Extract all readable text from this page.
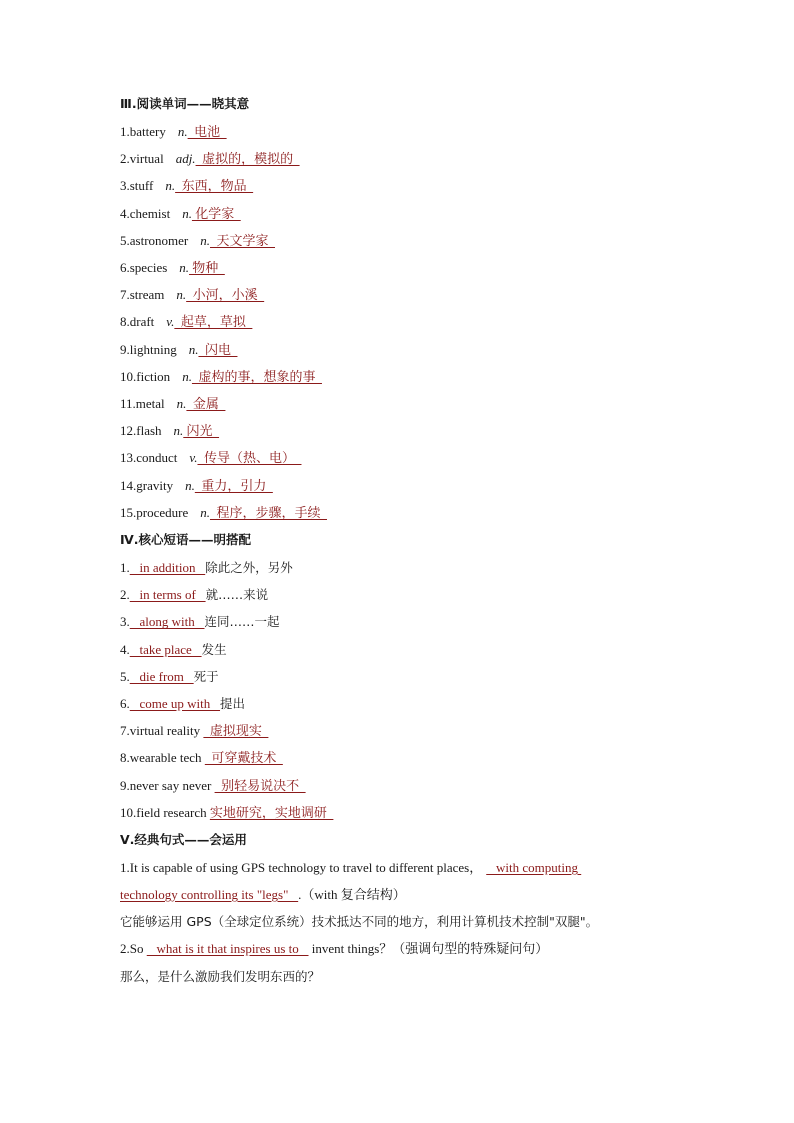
Ⅲ.阅读单词——晓其意
1.battery n.  电池
2.virtual adj.  虚拟的，模拟的
3.stuff n.  东西，物品
4.chemist n. 化学家
5.astronomer n.  天文学家
6.species n. 物种
7.stream n.  小河，小溪
8.draft v.  起草，草拟
9.lightning n.  闪电
10.fiction n.  虚构的事，想象的事
11.metal n.  金属
12.flash n. 闪光
13.conduct v.  传导（热、电）
14.gravity n.  重力，引力
15.procedure n.  程序，步骤，手续
Ⅳ.核心短语——明搭配
1.   in addition   除此之外，另外
2.   in terms of   就……来说
3.   along with   连同……一起
4.   take place   发生
5.   die from   死于
6.   come up with   提出
7.virtual reality   虚拟现实
8.wearable tech   可穿戴技术
9.never say never   别轻易说决不
10.field research 实地研究，实地调研
Ⅴ.经典句式——会运用
1.It is capable of using GPS technology to travel to different places，   with computing
technology controlling its "legs"   .（with 复合结构）
它能够运用 GPS（全球定位系统）技术抵达不同的地方，利用计算机技术控制"双腿"。
2.So    what is it that inspires us to    invent things？（强调句型的特殊疑问句）
那么，是什么激励我们发明东西的？
